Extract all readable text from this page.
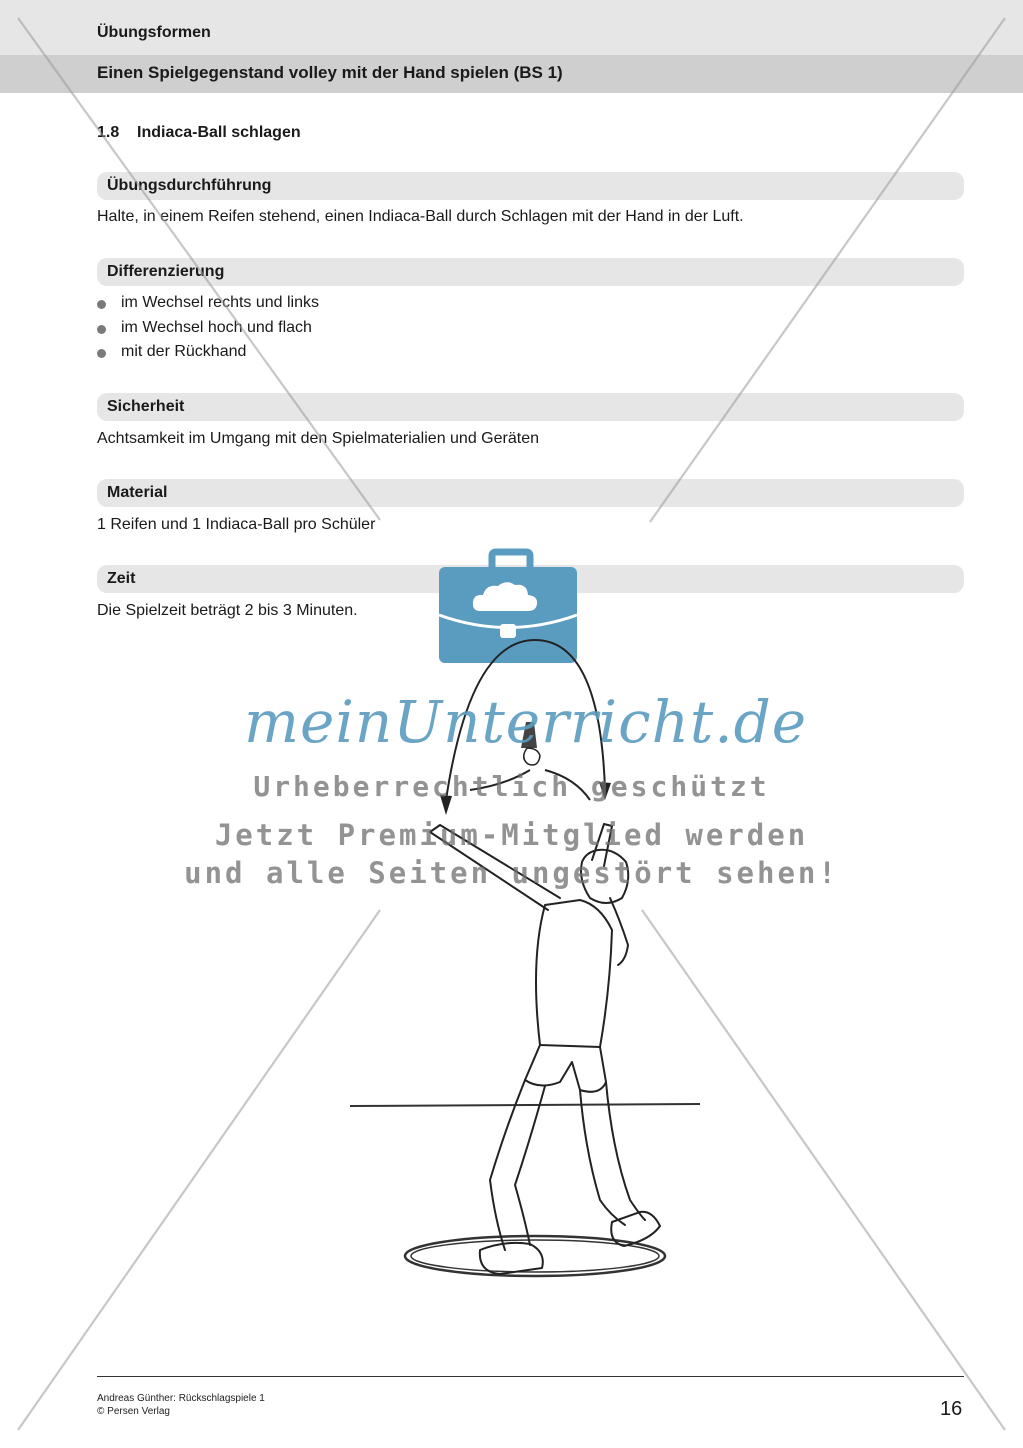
Übungsformen
Einen Spielgegenstand volley mit der Hand spielen (BS 1)
1.8 Indiaca-Ball schlagen
Übungsdurchführung
Halte, in einem Reifen stehend, einen Indiaca-Ball durch Schlagen mit der Hand in der Luft.
Differenzierung
im Wechsel rechts und links
im Wechsel hoch und flach
mit der Rückhand
Sicherheit
Achtsamkeit im Umgang mit den Spielmaterialien und Geräten
Material
1 Reifen und 1 Indiaca-Ball pro Schüler
Zeit
Die Spielzeit beträgt 2 bis 3 Minuten.
meinUnterricht.de
Urheberrechtlich geschützt
Jetzt Premium-Mitglied werden
und alle Seiten ungestört sehen!
Andreas Günther: Rückschlagspiele 1
© Persen Verlag	16
